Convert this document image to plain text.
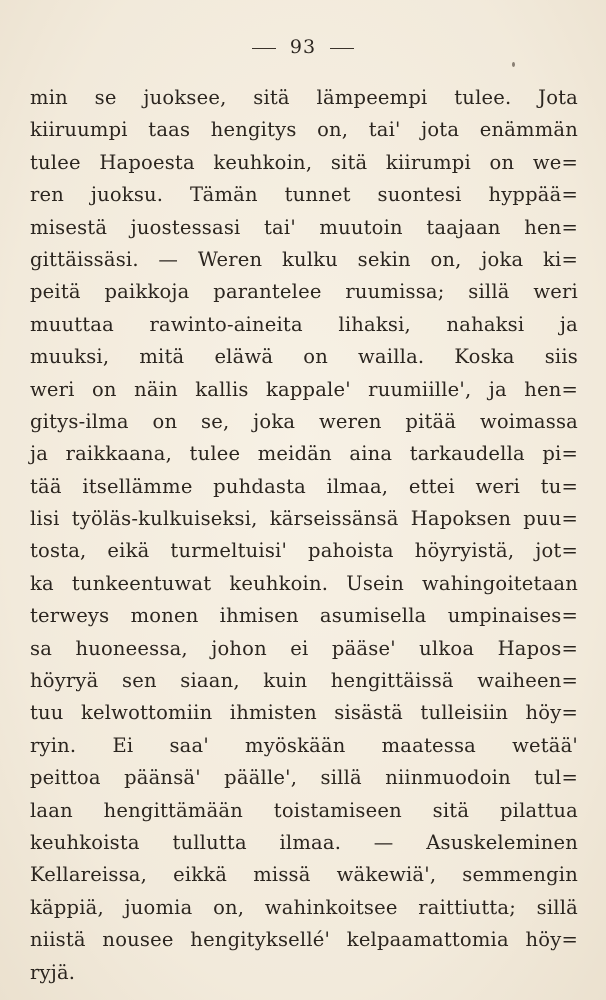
93
min se juoksee, sitä lämpeempi tulee. Jota
kiiruumpi taas hengitys on, tai' jota enämmän
tulee Hapoesta keuhkoin, sitä kiirumpi on we=
ren juoksu. Tämän tunnet suontesi hyppää=
misestä juostessasi tai' muutoin taajaan hen=
gittäissäsi. — Weren kulku sekin on, joka ki=
peitä paikkoja parantelee ruumissa; sillä weri
muuttaa rawinto-aineita lihaksi, nahaksi ja
muuksi, mitä eläwä on wailla. Koska siis
weri on näin kallis kappale' ruumiille', ja hen=
gitys-ilma on se, joka weren pitää woimassa
ja raikkaana, tulee meidän aina tarkaudella pi=
tää itsellämme puhdasta ilmaa, ettei weri tu=
lisi työläs-kulkuiseksi, kärseissänsä Hapoksen puu=
tosta, eikä turmeltuisi' pahoista höyryistä, jot=
ka tunkeentuwat keuhkoin. Usein wahingoitetaan
terweys monen ihmisen asumisella umpinaises=
sa huoneessa, johon ei pääse' ulkoa Hapos=
höyryä sen siaan, kuin hengittäissä waiheen=
tuu kelwottomiin ihmisten sisästä tulleisiin höy=
ryin. Ei saa' myöskään maatessa wetää'
peittoa päänsä' päälle', sillä niinmuodoin tul=
laan hengittämään toistamiseen sitä pilattua
keuhkoista tullutta ilmaa. — Asuskeleminen
Kellareissa, eikkä missä wäkewiä', semmengin
käppiä, juomia on, wahinkoitsee raittiutta; sillä
niistä nousee hengityksellé' kelpaamattomia höy=
ryjä.
